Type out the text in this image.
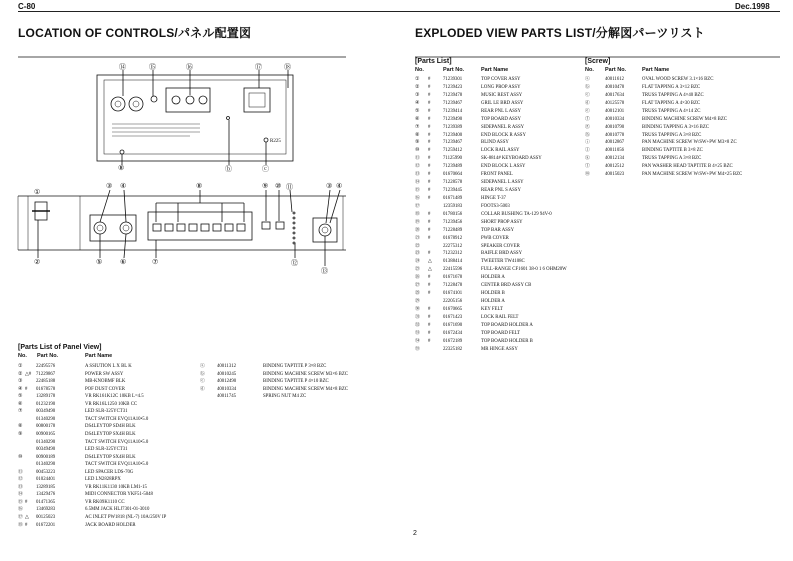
C-80	Dec.1998
LOCATION OF CONTROLS/パネル配置図	EXPLODED VIEW PARTS LIST/分解図パーツリスト
⑭	⑮	⑯	⑰	⑱
⑧	ⓑ	ⓒ
R225
③ ④	⑧	⑨ ⑩ ⑪	③ ④
①
②	⑤	⑥	⑦	⑫
⑬
[Parts List of Panel View]
No. Part No.	Part Name
①	22495576	A SSIUTION L X BL K
② △# 71229867	POWER SW ASSY
③	22485188	MB-KNOBMF BLK
④ # 01678578	POF DUST COVER
⑤	13289178	VR RK161K12C 10KB L=4.5
⑥	01232190	VR RK16L1250 10KB CC
⑦	00349490	LED SLR-325YCT31
01340290	TACT SWITCH EVQ11A10•5.0
⑧	00800178	DS4LEYTOP SD4H BLK
⑨	00900165	DS4LEYTOP SX4H BLK
01340290	TACT SWITCH EVQ11A10•5.0
00349490	LED SLR-325YCT31
⑩	00900189	DS4LEYTOP SX4H BLK
01340290	TACT SWITCH EVQ11A10•5.0
⑪	00453223	LED SPACER LDS-70G
⑫	01024401	LED LN2828RPX
⑬	13289185	VR RK11K1130 10KB LM1-15
⑭	13429476	MIDI CONNECTOR YKF51-5048
⑮ # 01471365	VR RK09K1110 CC
⑯	13469283	6.5MM JACK HLJ7301-01-3010
⑰ △ 00125023	AC INLET PW1818 (NL-7) 10A/250V IP
⑱ # 01672201	JACK BOARD HOLDER
ⓐ	40011312	BINDING TAPTITE P 3×8 BZC
ⓑ	40010245	BINDING MACHINE SCREW M3×6 BZC
ⓒ	40012490	BINDING TAPTITE P 4×10 BZC
ⓓ	40010334	BINDING MACHINE SCREW M4×8 BZC
40011745	SPRING NUT M4 ZC
[Parts List]
No.	Part No.	Part Name
① #	71239301	TOP COVER ASSY
② #	71239423	LONG PROP ASSY
③ #	71239478	MUSIC REST ASSY
④ #	71239467	GRIL LE BRD ASSY
⑤ #	71239414	REAR PNL L ASSY
⑥ #	71239490	TOP BOARD ASSY
⑦ #	71239389	SIDEPANEL R ASSY
⑧ #	71239400	END BLOCK R ASSY
⑨ #	71239467	BLIND ASSY
⑩ #	71259412	LOCK RAIL ASSY
⑪ #	71125990	SK-8814# KEYBOARD ASSY
⑫ #	71239489	END BLOCK L ASSY
⑬ #	01670664	FRONT PANEL
⑭ #	71228578	SIDEPANEL L ASSY
⑮ #	71239445	REAR PNL S ASSY
⑯ #	01671489	HINGE T-37
⑰	12359183	FOOTS3-5003
⑱ #	01780156	COLLAR BUSHING TA-129 94V-0
⑲ #	71239456	SHORT PROP ASSY
⑳ #	71228489	TOP BAR ASSY
㉑ #	01678912	PWB COVER
㉒	22275312	SPEAKER COVER
㉓ #	71232312	BAIFLE BRD ASSY
㉔ △ 01388414	TWEETER TW4108C
㉕ △ 22415596	FULL-RANGE CF1601 38-0 1 6 OHM20W
㉖ #	01671678	HOLDER A
㉗ #	71228478	CENTER BRD ASSY CB
㉘ #	01674101	HOLDER B
㉙	22205156	HOLDER A
㉚ #	01670665	KEY FELT
㉛ #	01671423	LOCK RAIL FELT
㉜ #	01671690	TOP BOARD HOLDER A
㉝ #	01672434	TOP BOARD FELT
㉞ #	01672189	TOP BOARD HOLDER B
㉟	22325182	MR HINGE ASSY
[Screw]
No. Part No.	Part Name
ⓐ	40011612	OVAL WOOD SCREW 3.1×16 BZC
ⓑ	40010478	FLAT TAPPING A 3×12 BZC
ⓒ	40017634	TRUSS TAPPING A 4×40 BZC
ⓓ	40125578	FLAT TAPPING A 4×30 BZC
ⓔ	40012101	TRUSS TAPPING A 4×14 ZC
ⓕ	40010334	BINDING MACHINE SCREW M4×8 BZC
ⓖ	40010790	BINDING TAPPING A 3×16 BZC
ⓗ	40010778	TRUSS TAPPING A 3×8 BZC
ⓘ	40012867	PAN MACHINE SCREW W/SW+PW M3×8 ZC
ⓙ	40011056	BINDING TAPTITE B 3×8 ZC
ⓚ	40012134	TRUSS TAPPING A 3×8 BZC
ⓛ	40012512	PAN WASHER HEAD TAPTITE B 4×25 BZC
ⓜ	40015023	PAN MACHINE SCREW W/SW+PW M4×25 BZC
2
